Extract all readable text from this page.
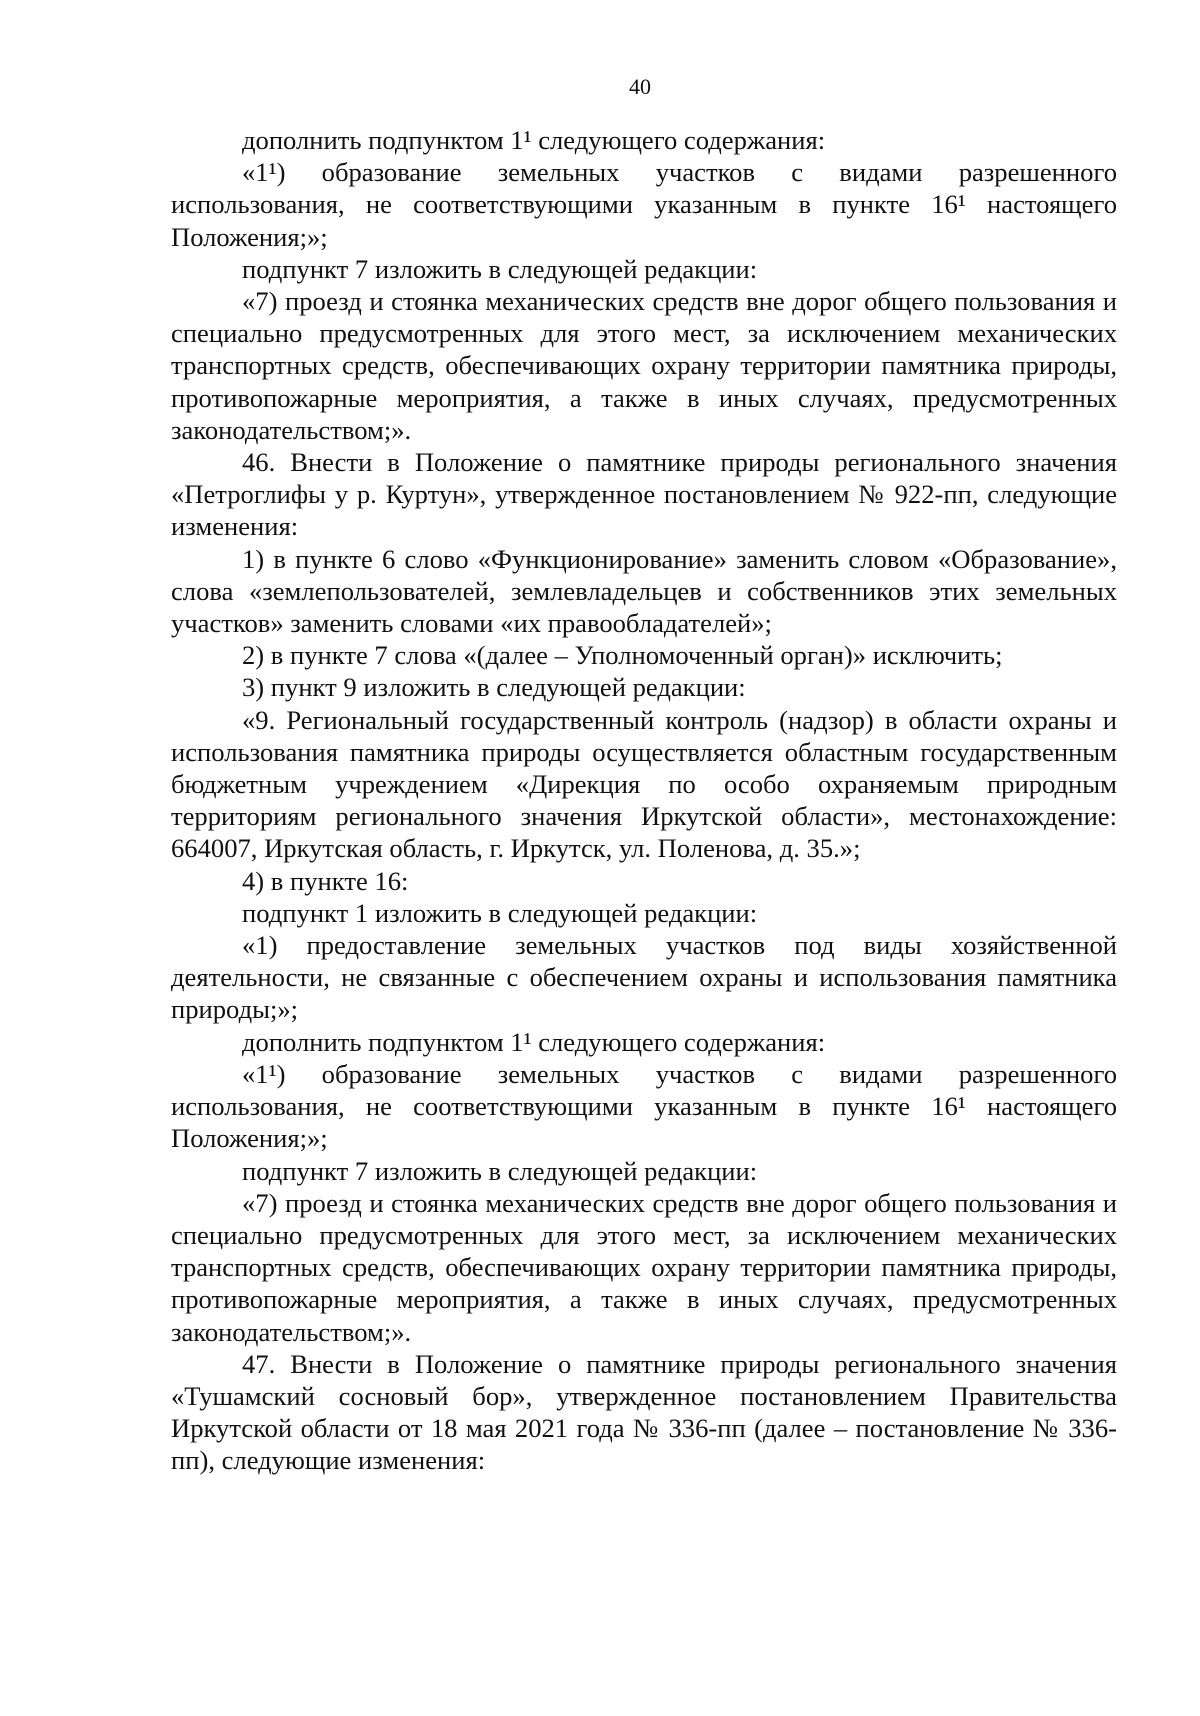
40

дополнить подпунктом 1¹ следующего содержания:

«1¹) образование земельных участков с видами разрешенного использования, не соответствующими указанным в пункте 16¹ настоящего Положения;»;

подпункт 7 изложить в следующей редакции:

«7) проезд и стоянка механических средств вне дорог общего пользования и специально предусмотренных для этого мест, за исключением механических транспортных средств, обеспечивающих охрану территории памятника природы, противопожарные мероприятия, а также в иных случаях, предусмотренных законодательством;».

46. Внести в Положение о памятнике природы регионального значения «Петроглифы у р. Куртун», утвержденное постановлением № 922-пп, следующие изменения:

1) в пункте 6 слово «Функционирование» заменить словом «Образование», слова «землепользователей, землевладельцев и собственников этих земельных участков» заменить словами «их правообладателей»;

2) в пункте 7 слова «(далее – Уполномоченный орган)» исключить;

3) пункт 9 изложить в следующей редакции:

«9. Региональный государственный контроль (надзор) в области охраны и использования памятника природы осуществляется областным государственным бюджетным учреждением «Дирекция по особо охраняемым природным территориям регионального значения Иркутской области», местонахождение: 664007, Иркутская область, г. Иркутск, ул. Поленова, д. 35.»;

4) в пункте 16:

подпункт 1 изложить в следующей редакции:

«1) предоставление земельных участков под виды хозяйственной деятельности, не связанные с обеспечением охраны и использования памятника природы;»;

дополнить подпунктом 1¹ следующего содержания:

«1¹) образование земельных участков с видами разрешенного использования, не соответствующими указанным в пункте 16¹ настоящего Положения;»;

подпункт 7 изложить в следующей редакции:

«7) проезд и стоянка механических средств вне дорог общего пользования и специально предусмотренных для этого мест, за исключением механических транспортных средств, обеспечивающих охрану территории памятника природы, противопожарные мероприятия, а также в иных случаях, предусмотренных законодательством;».

47. Внести в Положение о памятнике природы регионального значения «Тушамский сосновый бор», утвержденное постановлением Правительства Иркутской области от 18 мая 2021 года № 336-пп (далее – постановление № 336-пп), следующие изменения:
